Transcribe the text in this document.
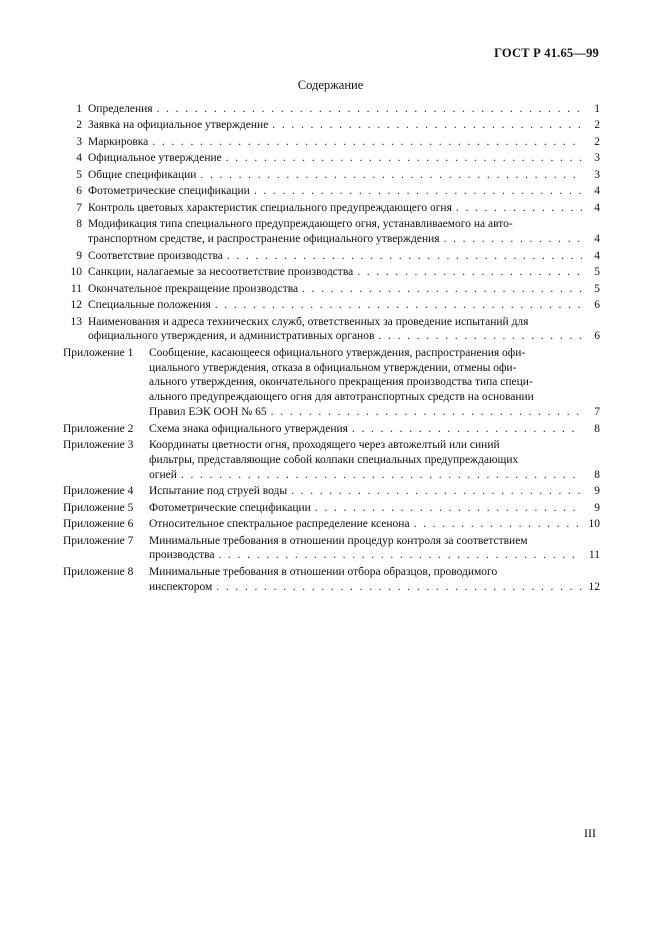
ГОСТ Р 41.65—99
Содержание
1 Определения . . .	1
2 Заявка на официальное утверждение . . .	2
3 Маркировка . . .	2
4 Официальное утверждение . . .	3
5 Общие спецификации . . .	3
6 Фотометрические спецификации . . .	4
7 Контроль цветовых характеристик специального предупреждающего огня . . .	4
8 Модификация типа специального предупреждающего огня, устанавливаемого на авто-
транспортном средстве, и распространение официального утверждения . . .	4
9 Соответствие производства . . .	4
10 Санкции, налагаемые за несоответствие производства . . .	5
11 Окончательное прекращение производства . . .	5
12 Специальные положения . . .	6
13 Наименования и адреса технических служб, ответственных за проведение испытаний для
официального утверждения, и административных органов . . .	6
Приложение 1	Сообщение, касающееся официального утверждения, распространения офи-
циального утверждения, отказа в официальном утверждении, отмены офи-
ального утверждения, окончательного прекращения производства типа специ-
ального предупреждающего огня для автотранспортных средств на основании
Правил ЕЭК ООН № 65 . . .	7
Приложение 2	Схема знака официального утверждения . . .	8
Приложение 3	Координаты цветности огня, проходящего через автожелтый или синий
фильтры, представляющие собой колпаки специальных предупреждающих
огней . . .	8
Приложение 4	Испытание под струей воды . . .	9
Приложение 5	Фотометрические спецификации . . .	9
Приложение 6	Относительное спектральное распределение ксенона . . .	10
Приложение 7	Минимальные требования в отношении процедур контроля за соответствием
производства . . .	11
Приложение 8	Минимальные требования в отношении отбора образцов, проводимого
инспектором . . .	12
III
